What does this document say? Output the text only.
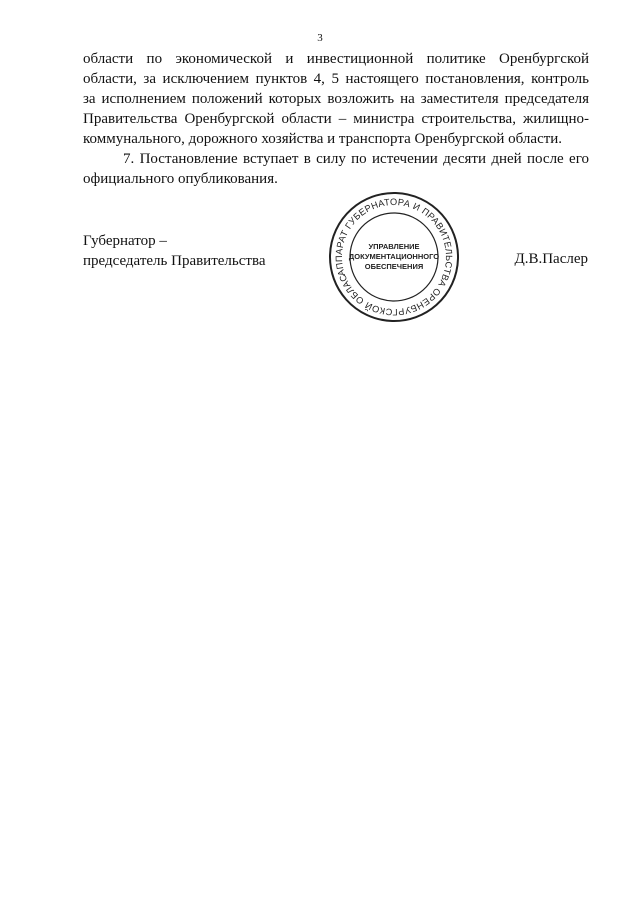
3

области по экономической и инвестиционной политике Оренбургской

области, за исключением пунктов 4, 5 настоящего постановления, контроль

за исполнением положений которых возложить на заместителя председателя

Правительства Оренбургской области – министра строительства, жилищно-

коммунального, дорожного хозяйства и транспорта Оренбургской области.

7. Постановление вступает в силу по истечении десяти дней после его

официального опубликования.

Губернатор –
председатель Правительства
АППАРАТ ГУБЕРНАТОРА И ПРАВИТЕЛЬСТВА ОРЕНБУРГСКОЙ ОБЛАСТИ
УПРАВЛЕНИЕ
ДОКУМЕНТАЦИОННОГО
ОБЕСПЕЧЕНИЯ	Д.В.Паслер
